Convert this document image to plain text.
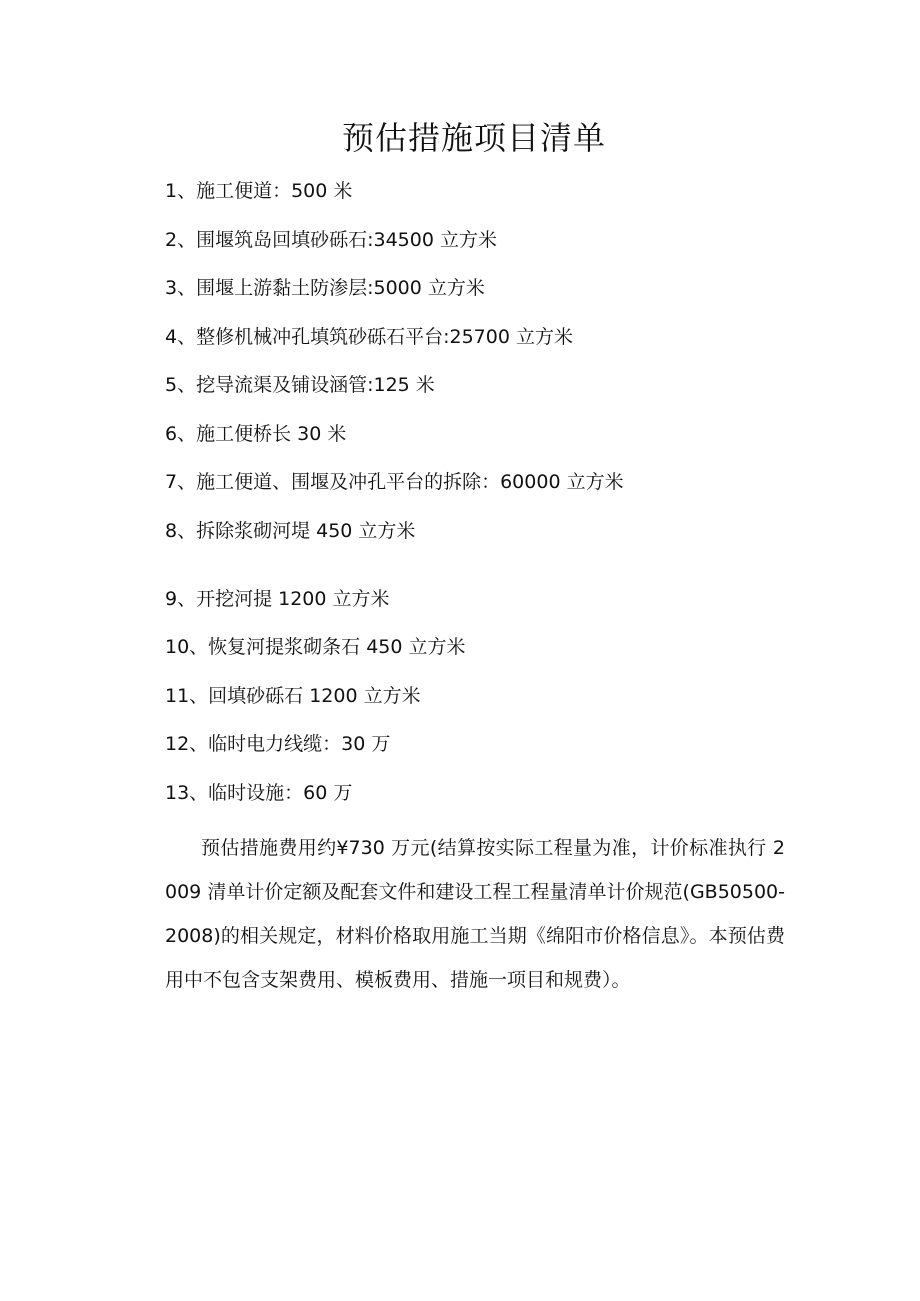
预估措施项目清单
1、施工便道：500 米
2、围堰筑岛回填砂砾石:34500 立方米
3、围堰上游黏土防渗层:5000 立方米
4、整修机械冲孔填筑砂砾石平台:25700 立方米
5、挖导流渠及铺设涵管:125 米
6、施工便桥长 30 米
7、施工便道、围堰及冲孔平台的拆除：60000 立方米
8、拆除浆砌河堤 450 立方米
9、开挖河提 1200 立方米
10、恢复河提浆砌条石 450 立方米
11、回填砂砾石 1200 立方米
12、临时电力线缆：30 万
13、临时设施：60 万

预估措施费用约¥730 万元(结算按实际工程量为准，计价标准执行 2009 清单计价定额及配套文件和建设工程工程量清单计价规范(GB50500-2008)的相关规定，材料价格取用施工当期《绵阳市价格信息》。本预估费用中不包含支架费用、模板费用、措施一项目和规费）。
